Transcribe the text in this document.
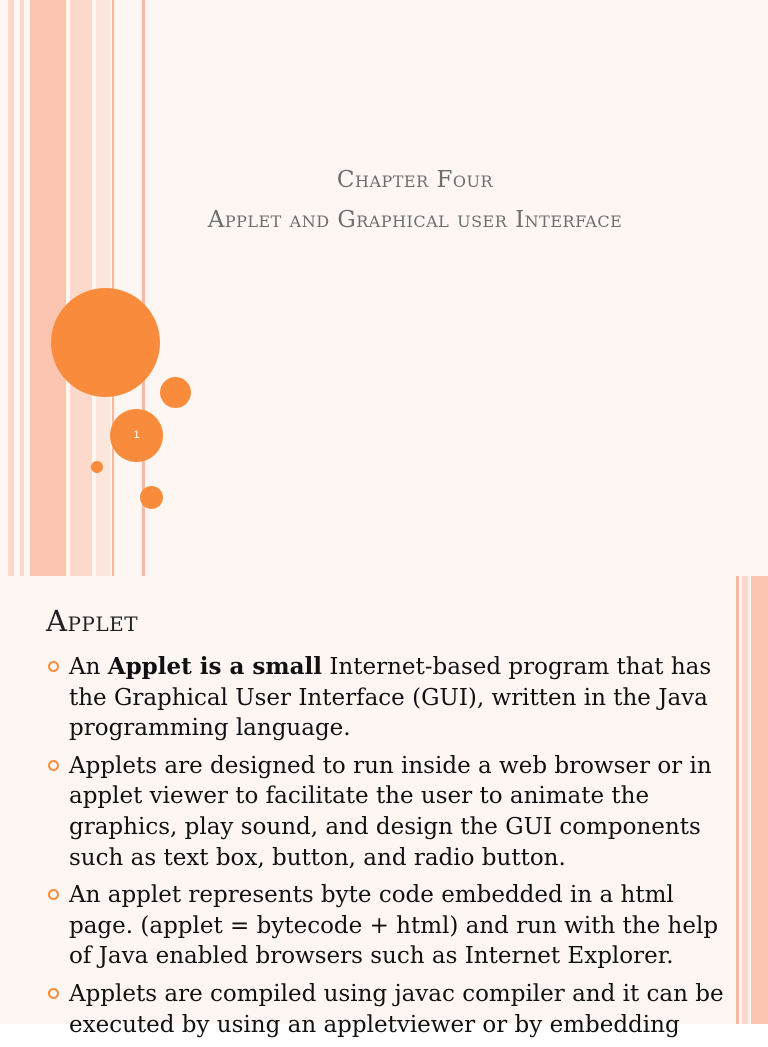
Chapter Four
Applet and Graphical user Interface
1
Applet
An Applet is a small Internet-based program that has the Graphical User Interface (GUI), written in the Java programming language.
Applets are designed to run inside a web browser or in applet viewer to facilitate the user to animate the graphics, play sound, and design the GUI components such as text box, button, and radio button.
An applet represents byte code embedded in a html page. (applet = bytecode + html) and run with the help of Java enabled browsers such as Internet Explorer.
Applets are compiled using javac compiler and it can be executed by using an appletviewer or by embedding
